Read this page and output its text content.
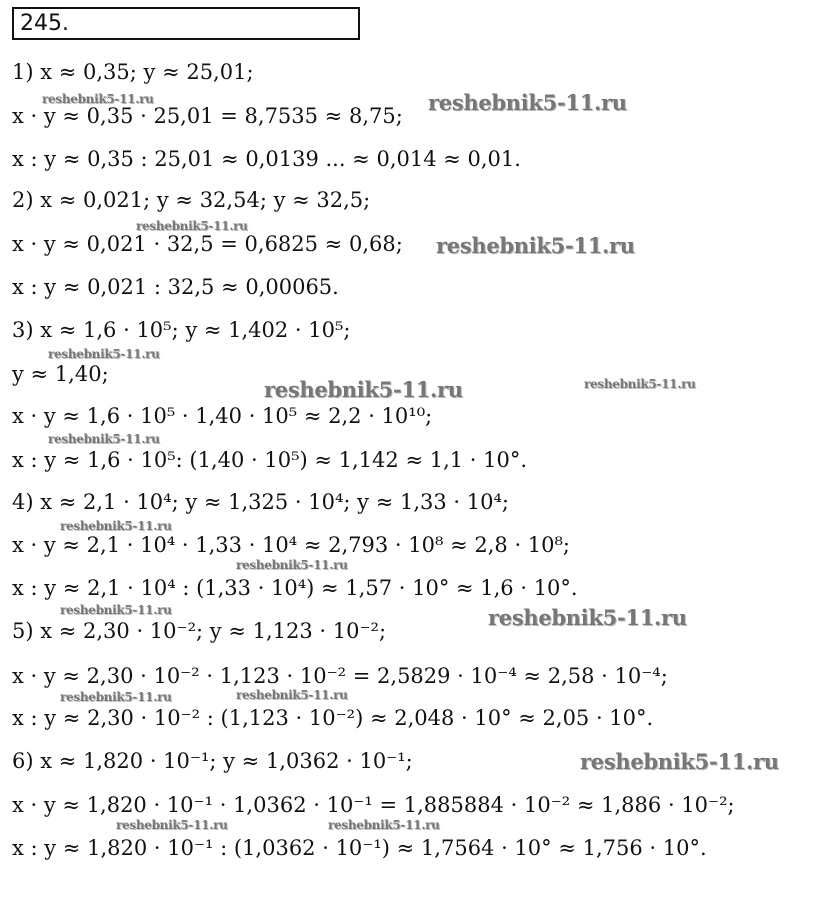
245.
1) x ≈ 0,35; y ≈ 25,01;
x · y ≈ 0,35 · 25,01 = 8,7535 ≈ 8,75;
x : y ≈ 0,35 : 25,01 ≈ 0,0139 ... ≈ 0,014 ≈ 0,01.
2) x ≈ 0,021; y ≈ 32,54; y ≈ 32,5;
x · y ≈ 0,021 · 32,5 = 0,6825 ≈ 0,68;
x : y ≈ 0,021 : 32,5 ≈ 0,00065.
3) x ≈ 1,6 · 10⁵; y ≈ 1,402 · 10⁵;
y ≈ 1,40;
x · y ≈ 1,6 · 10⁵ · 1,40 · 10⁵ ≈ 2,2 · 10¹⁰;
x : y ≈ 1,6 · 10⁵: (1,40 · 10⁵) ≈ 1,142 ≈ 1,1 · 10°.
4) x ≈ 2,1 · 10⁴; y ≈ 1,325 · 10⁴; y ≈ 1,33 · 10⁴;
x · y ≈ 2,1 · 10⁴ · 1,33 · 10⁴ ≈ 2,793 · 10⁸ ≈ 2,8 · 10⁸;
x : y ≈ 2,1 · 10⁴ : (1,33 · 10⁴) ≈ 1,57 · 10° ≈ 1,6 · 10°.
5) x ≈ 2,30 · 10⁻²; y ≈ 1,123 · 10⁻²;
x · y ≈ 2,30 · 10⁻² · 1,123 · 10⁻² = 2,5829 · 10⁻⁴ ≈ 2,58 · 10⁻⁴;
x : y ≈ 2,30 · 10⁻² : (1,123 · 10⁻²) ≈ 2,048 · 10° ≈ 2,05 · 10°.
6) x ≈ 1,820 · 10⁻¹; y ≈ 1,0362 · 10⁻¹;
x · y ≈ 1,820 · 10⁻¹ · 1,0362 · 10⁻¹ = 1,885884 · 10⁻² ≈ 1,886 · 10⁻²;
x : y ≈ 1,820 · 10⁻¹ : (1,0362 · 10⁻¹) ≈ 1,7564 · 10° ≈ 1,756 · 10°.
reshebnik5-11.ru	reshebnik5-11.ru
reshebnik5-11.ru
reshebnik5-11.ru
reshebnik5-11.ru
reshebnik5-11.ru	reshebnik5-11.ru
reshebnik5-11.ru
reshebnik5-11.ru
reshebnik5-11.ru
reshebnik5-11.ru	reshebnik5-11.ru
reshebnik5-11.ru	reshebnik5-11.ru
reshebnik5-11.ru
reshebnik5-11.ru	reshebnik5-11.ru
